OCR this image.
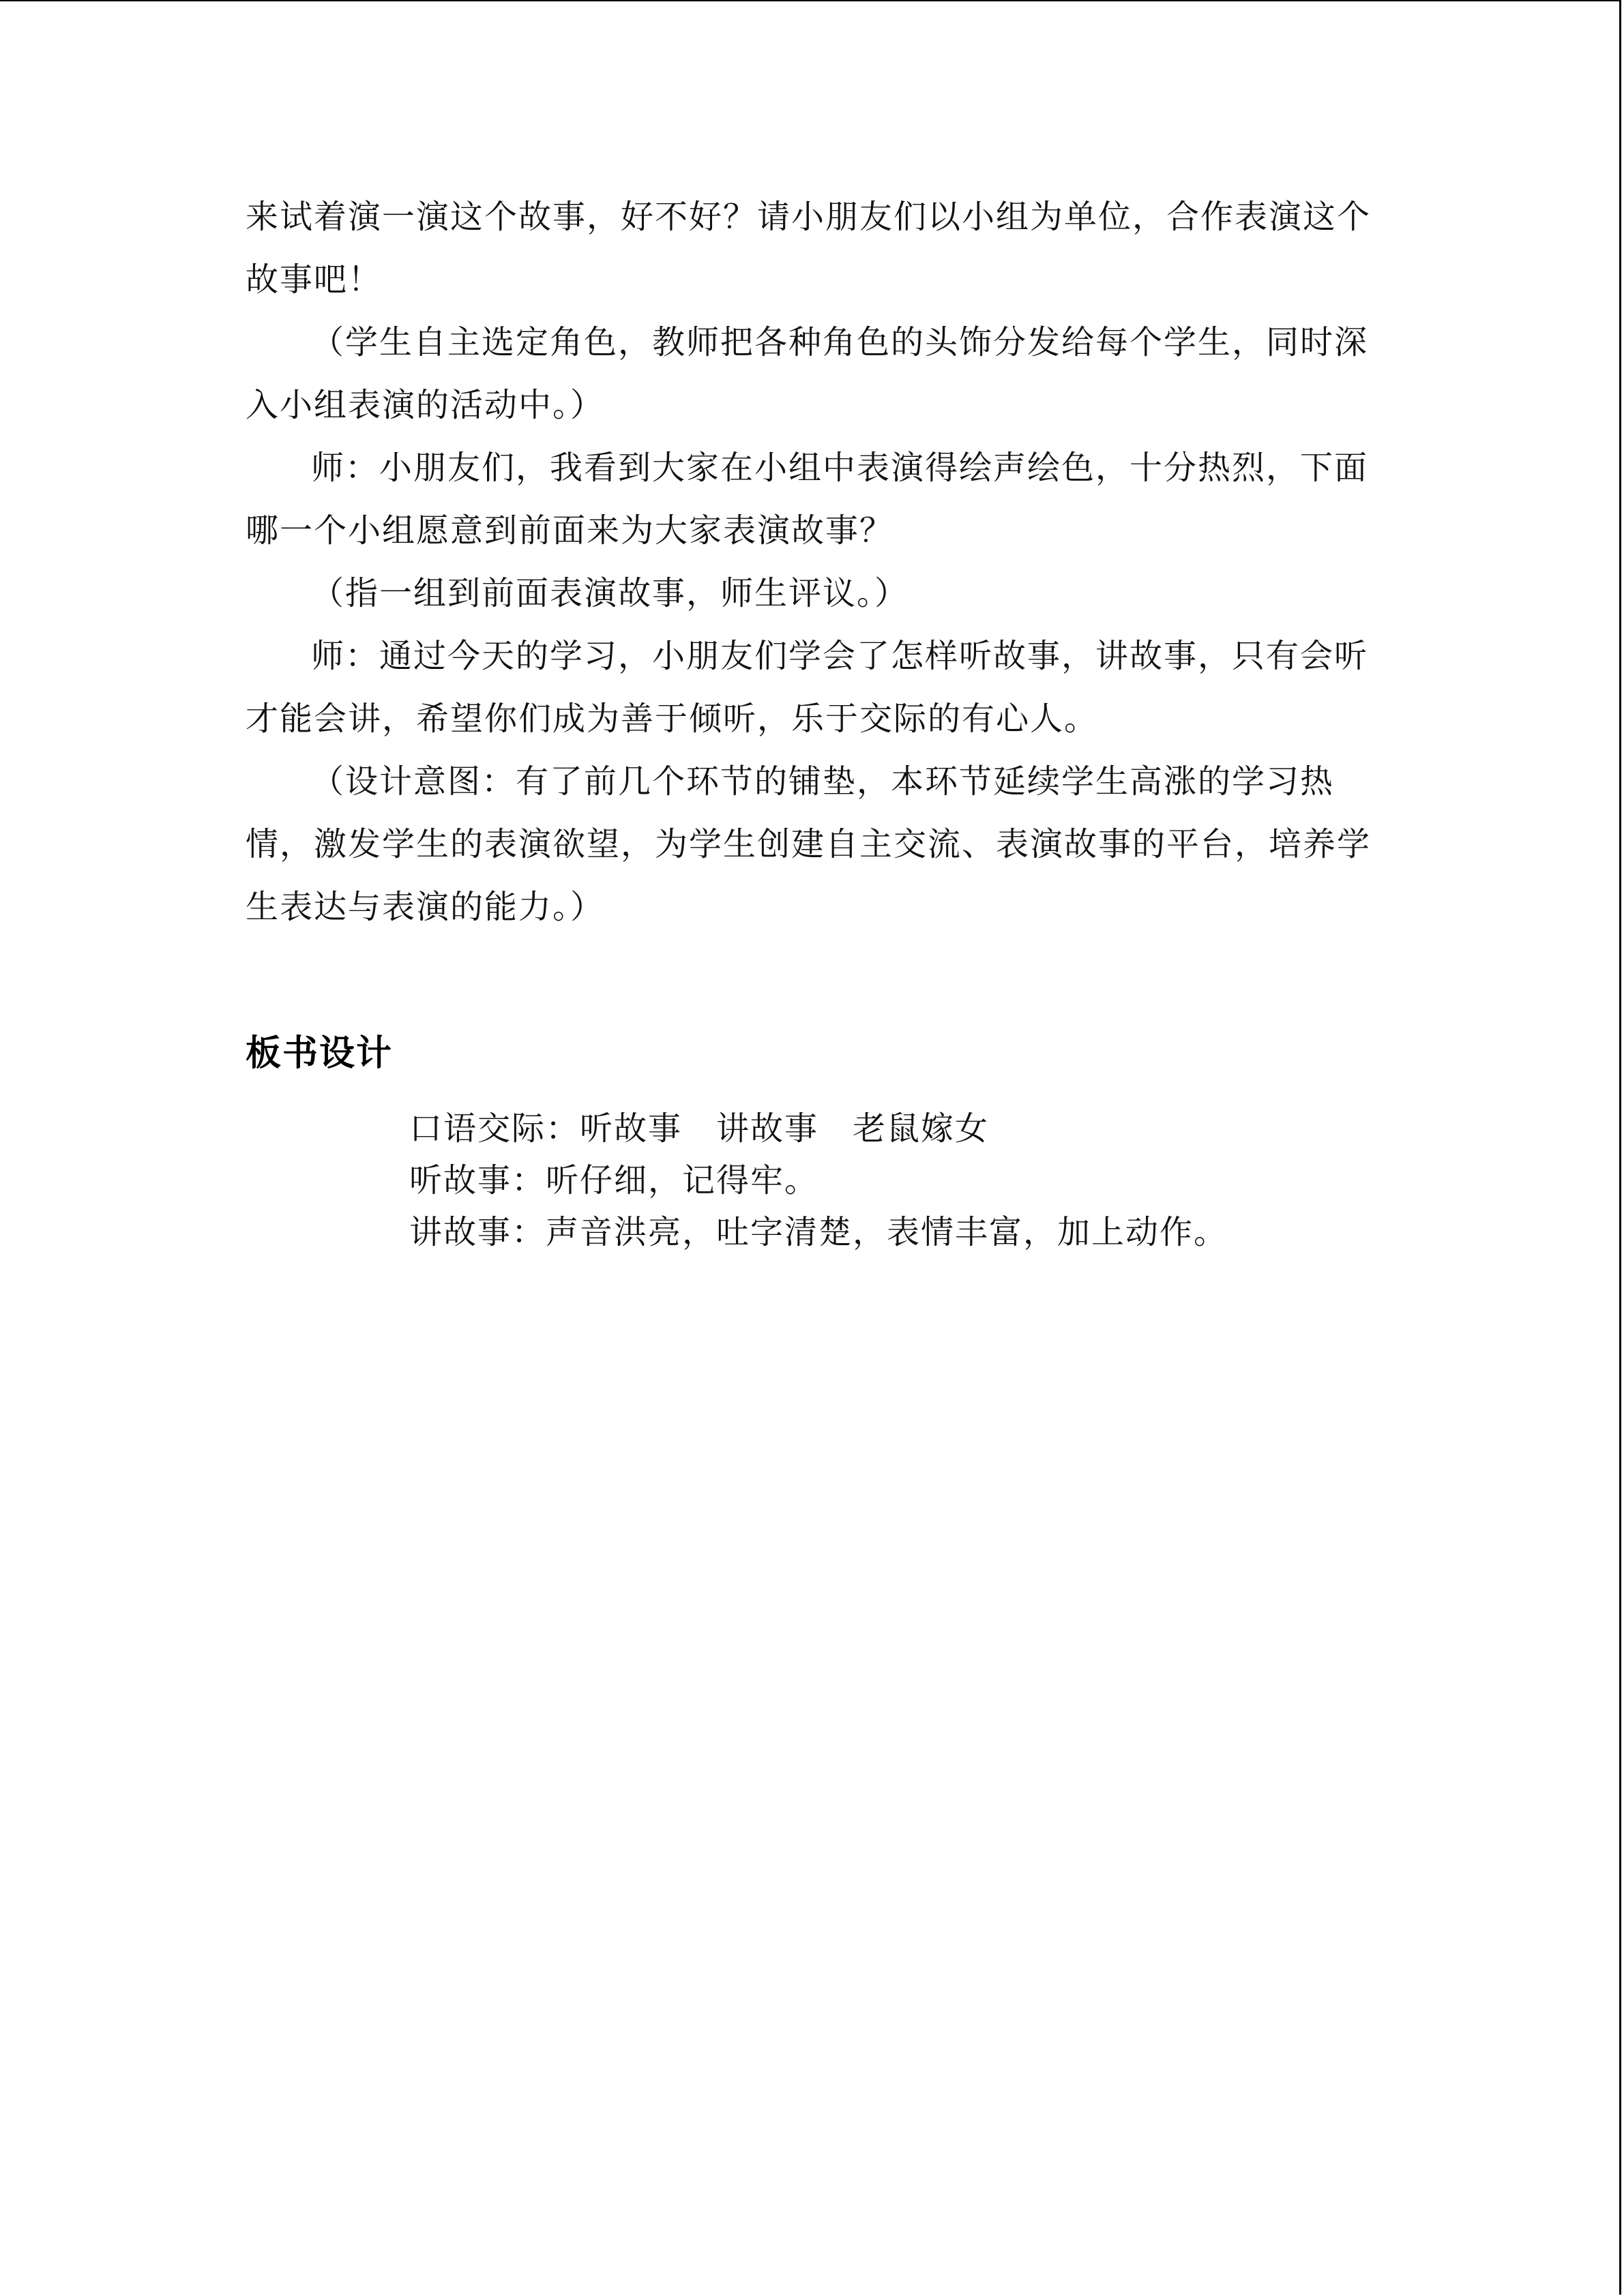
来试着演一演这个故事，好不好？请小朋友们以小组为单位，合作表演这个故事吧！

（学生自主选定角色，教师把各种角色的头饰分发给每个学生，同时深入小组表演的活动中。）

师：小朋友们，我看到大家在小组中表演得绘声绘色，十分热烈，下面哪一个小组愿意到前面来为大家表演故事？

（指一组到前面表演故事，师生评议。）

师：通过今天的学习，小朋友们学会了怎样听故事，讲故事，只有会听才能会讲，希望你们成为善于倾听，乐于交际的有心人。

（设计意图：有了前几个环节的铺垫，本环节延续学生高涨的学习热情，激发学生的表演欲望，为学生创建自主交流、表演故事的平台，培养学生表达与表演的能力。）

板书设计

口语交际：听故事　讲故事　老鼠嫁女

听故事：听仔细，记得牢。

讲故事：声音洪亮，吐字清楚，表情丰富，加上动作。
